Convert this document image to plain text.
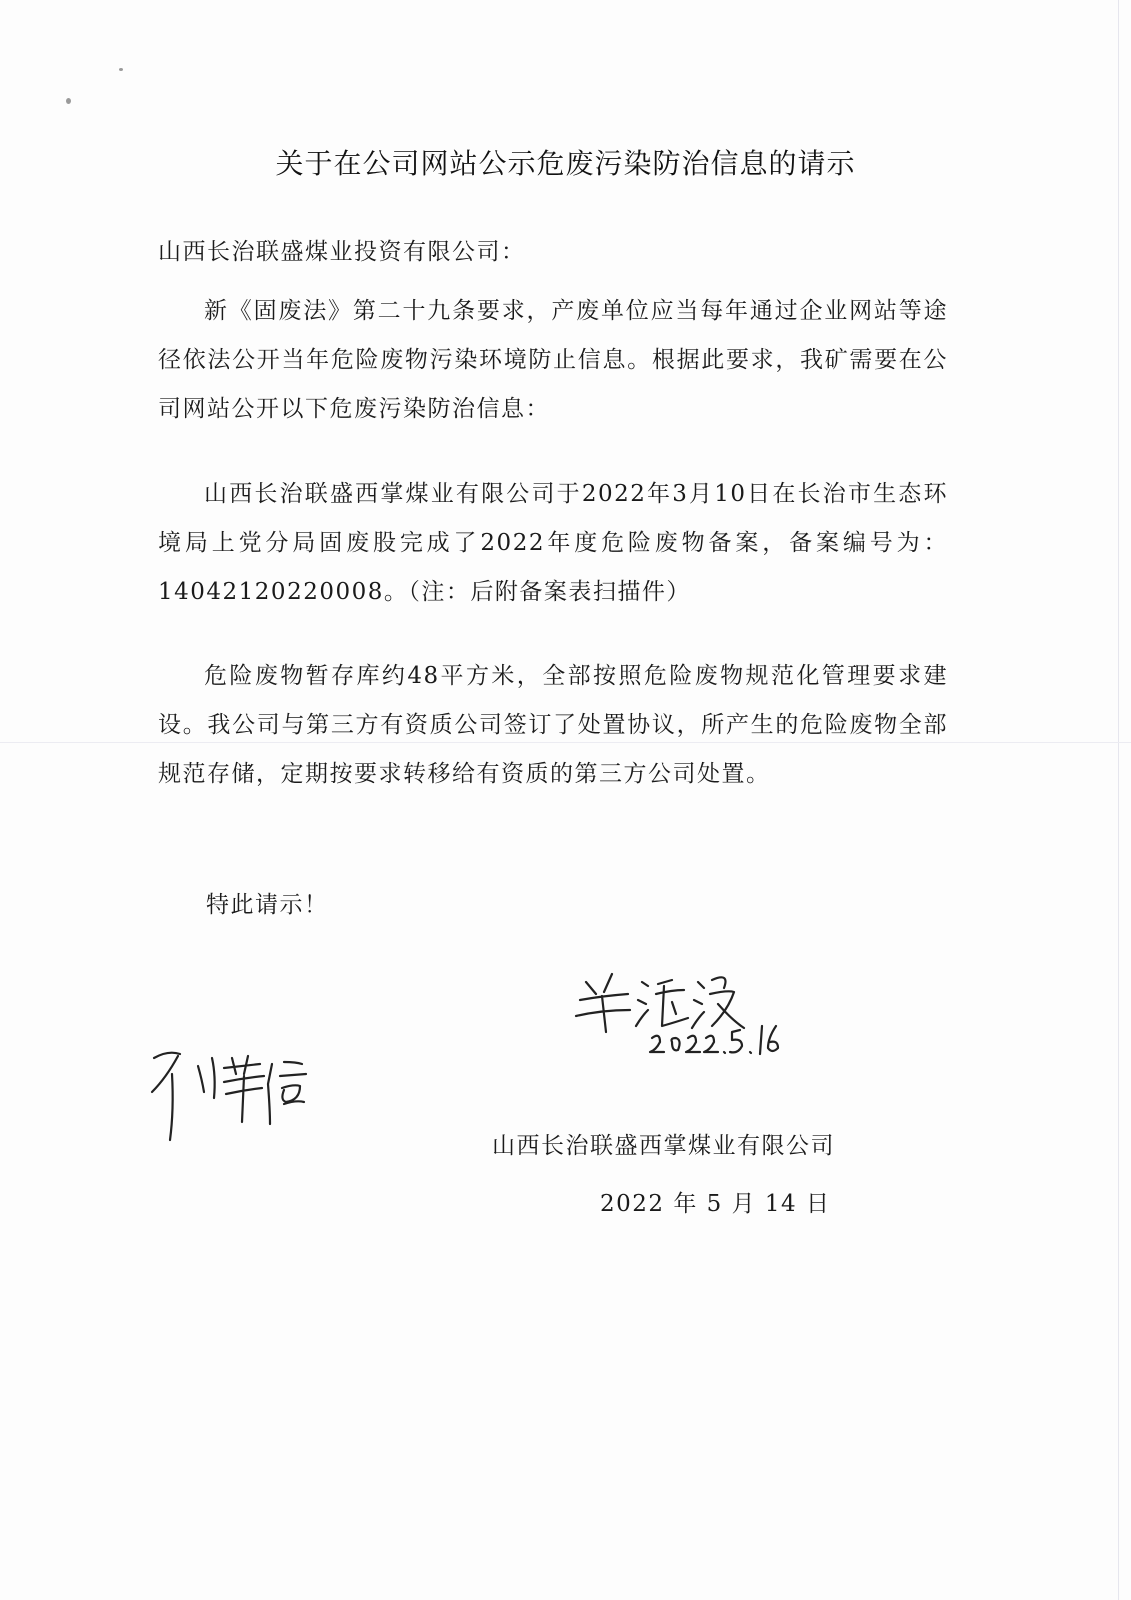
关于在公司网站公示危废污染防治信息的请示
山西长治联盛煤业投资有限公司：
新《固废法》第二十九条要求，产废单位应当每年通过企业网站等途径依法公开当年危险废物污染环境防止信息。根据此要求，我矿需要在公司网站公开以下危废污染防治信息：
山西长治联盛西掌煤业有限公司于2022年3月10日在长治市生态环境局上党分局固废股完成了2022年度危险废物备案，备案编号为：14042120220008。（注：后附备案表扫描件）
危险废物暂存库约48平方米，全部按照危险废物规范化管理要求建设。我公司与第三方有资质公司签订了处置协议，所产生的危险废物全部规范存储，定期按要求转移给有资质的第三方公司处置。
特此请示！
山西长治联盛西掌煤业有限公司
2022 年 5 月 14 日
